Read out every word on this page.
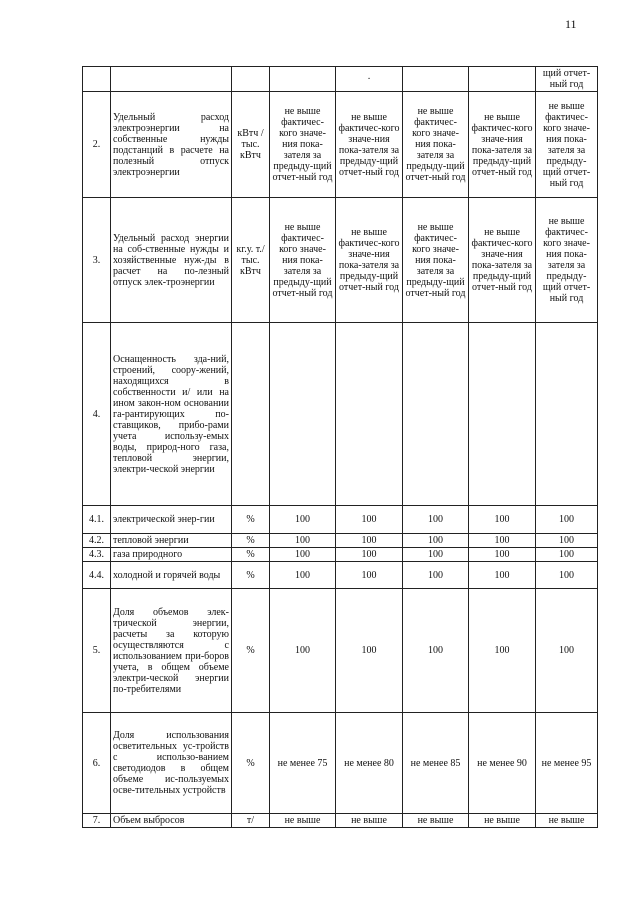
11
				·			щий отчет-ный год
2.	Удельный расход электроэнергии на собственные нужды подстанций в расчете на полезный отпуск электроэнергии	кВтч / тыс. кВтч	не выше фактичес-кого значе-ния пока-зателя за предыду-щий отчет-ный год	не выше фактичес-кого значе-ния пока-зателя за предыду-щий отчет-ный год	не выше фактичес-кого значе-ния пока-зателя за предыду-щий отчет-ный год	не выше фактичес-кого значе-ния пока-зателя за предыду-щий отчет-ный год	не выше фактичес-кого значе-ния пока-зателя за предыду-щий отчет-ный год
3.	Удельный расход энергии на соб-ственные нужды и хозяйственные нуж-ды в расчет на по-лезный отпуск элек-троэнергии	кг.у. т./ тыс. кВтч	не выше фактичес-кого значе-ния пока-зателя за предыду-щий отчет-ный год	не выше фактичес-кого значе-ния пока-зателя за предыду-щий отчет-ный год	не выше фактичес-кого значе-ния пока-зателя за предыду-щий отчет-ный год	не выше фактичес-кого значе-ния пока-зателя за предыду-щий отчет-ный год	не выше фактичес-кого значе-ния пока-зателя за предыду-щий отчет-ный год
4.	Оснащенность зда-ний, строений, соору-жений, находящихся в собственности и/ или на ином закон-ном основании га-рантирующих по-ставщиков, прибо-рами учета использу-емых воды, природ-ного газа, тепловой энергии, электри-ческой энергии						
4.1.	электрической энер-гии	%	100	100	100	100	100
4.2.	тепловой энергии	%	100	100	100	100	100
4.3.	газа природного	%	100	100	100	100	100
4.4.	холодной и горячей воды	%	100	100	100	100	100
5.	Доля объемов элек-трической энергии, расчеты за которую осуществляются с использованием при-боров учета, в общем объеме электри-ческой энергии по-требителями	%	100	100	100	100	100
6.	Доля использования осветительных ус-тройств с использо-ванием светодиодов в общем объеме ис-пользуемых осве-тительных устройств	%	не менее 75	не менее 80	не менее 85	не менее 90	не менее 95
7.	Объем выбросов	т/	не выше	не выше	не выше	не выше	не выше
